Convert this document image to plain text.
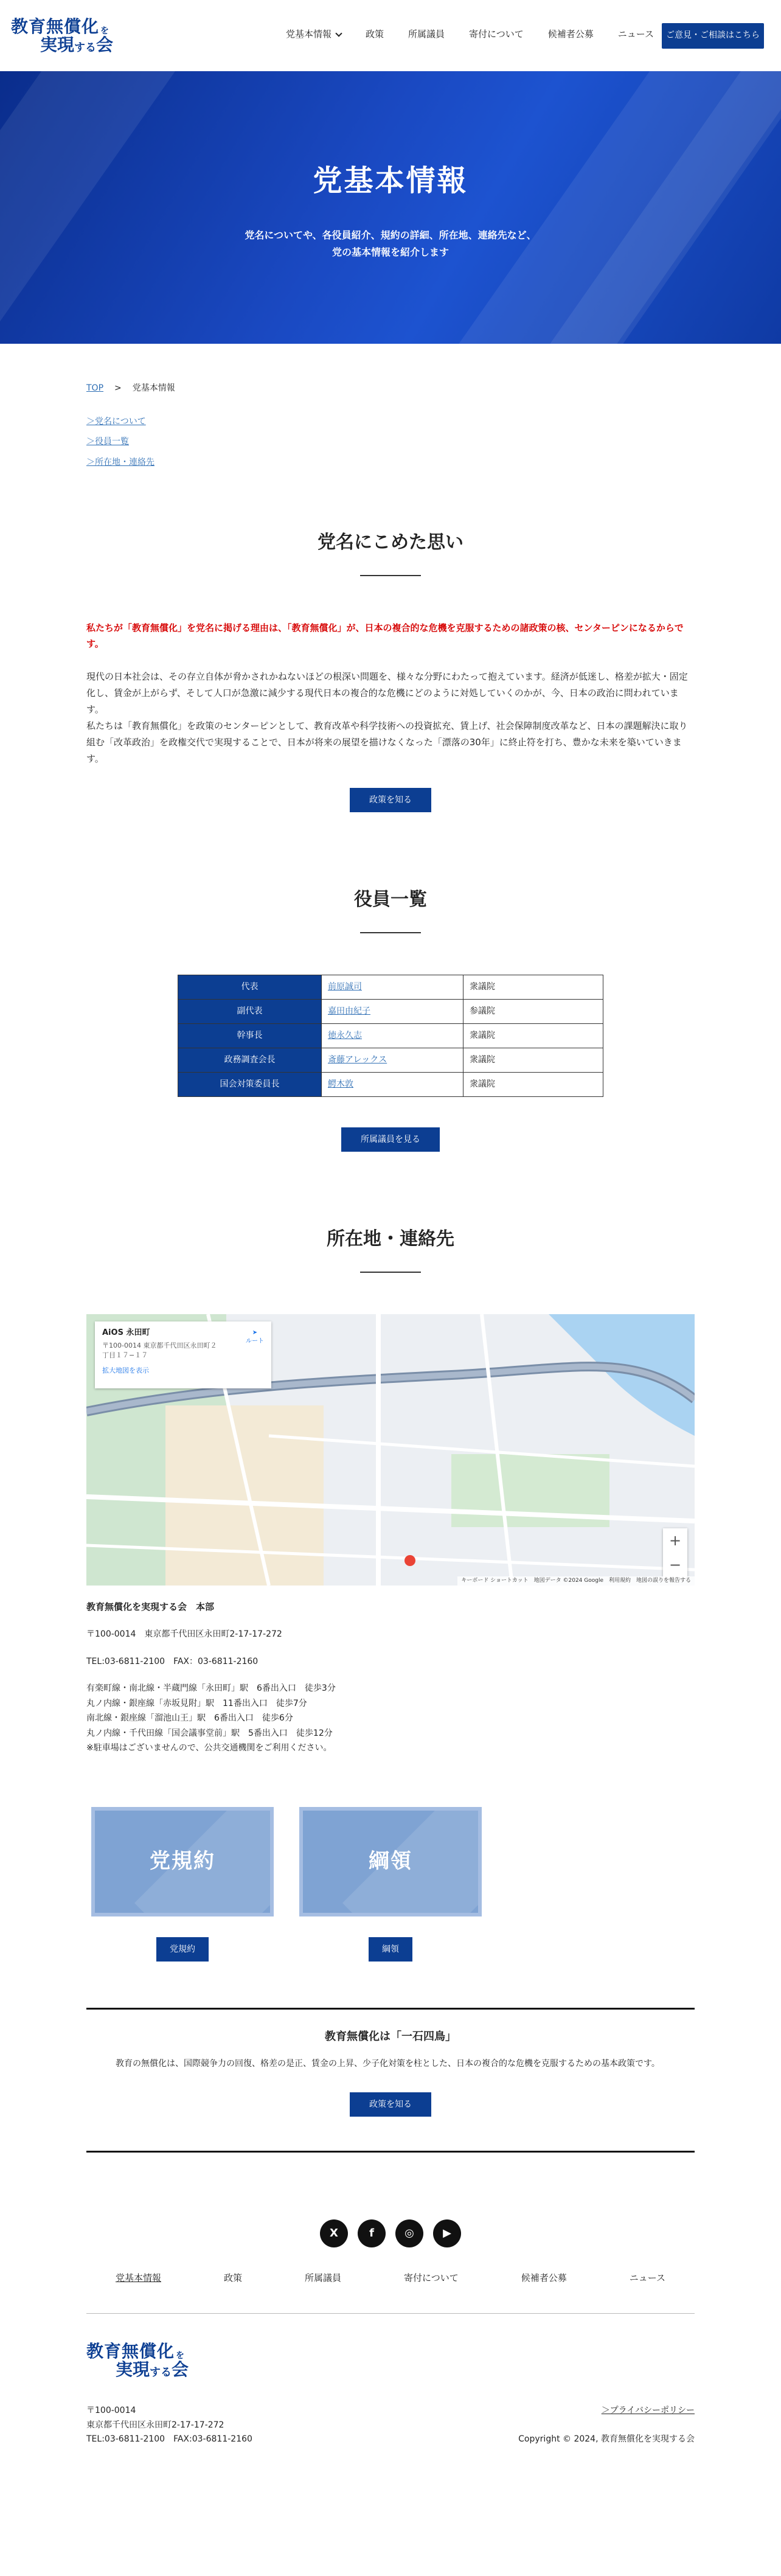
教育無償化 を
実現 する 会
党基本情報	政策	所属議員	寄付について	候補者公募	ニュース	ご意見・ご相談はこちら
党基本情報

党名についてや、各役員紹介、規約の詳細、所在地、連絡先など、
党の基本情報を紹介します

TOP > 党基本情報
＞党名について
＞役員一覧
＞所在地・連絡先
党名にこめた思い

私たちが「教育無償化」を党名に掲げる理由は、「教育無償化」が、日本の複合的な危機を克服するための諸政策の核、センターピンになるからです。

現代の日本社会は、その存立自体が脅かされかねないほどの根深い問題を、様々な分野にわたって抱えています。経済が低迷し、格差が拡大・固定化し、賃金が上がらず、そして人口が急激に減少する現代日本の複合的な危機にどのように対処していくのかが、今、日本の政治に問われています。
私たちは「教育無償化」を政策のセンターピンとして、教育改革や科学技術への投資拡充、賃上げ、社会保障制度改革など、日本の課題解決に取り組む「改革政治」を政権交代で実現することで、日本が将来の展望を描けなくなった「漂落の30年」に終止符を打ち、豊かな未来を築いていきます。

政策を知る
役員一覧
代表	前原誠司	衆議院
副代表	嘉田由紀子	参議院
幹事長	徳永久志	衆議院
政務調査会長	斎藤アレックス	衆議院
国会対策委員長	鰐木敦	衆議院
所属議員を見る
所在地・連絡先
AiOS 永田町
〒100-0014 東京都千代田区永田町２丁目１７−１７
拡大地図を表示
➤
ルート
+
−
キーボード ショートカット　地図データ ©2024 Google　利用規約　地図の誤りを報告する

教育無償化を実現する会　本部

〒100-0014　東京都千代田区永田町2-17-17-272

TEL:03-6811-2100　FAX：03-6811-2160

有楽町線・南北線・半蔵門線「永田町」駅　6番出入口　徒歩3分

丸ノ内線・銀座線「赤坂見附」駅　11番出入口　徒歩7分

南北線・銀座線「溜池山王」駅　6番出入口　徒歩6分

丸ノ内線・千代田線「国会議事堂前」駅　5番出入口　徒歩12分

※駐車場はございませんので、公共交通機関をご利用ください。

党規約
党規約
綱領
綱領
教育無償化は「一石四鳥」

教育の無償化は、国際競争力の回復、格差の是正、賃金の上昇、少子化対策を柱とした、日本の複合的な危機を克服するための基本政策です。

政策を知る
X	f	◎	▶
党基本情報	政策	所属議員	寄付について	候補者公募	ニュース
教育無償化 を
実現 する 会

〒100-0014

東京都千代田区永田町2-17-17-272

TEL:03-6811-2100　FAX:03-6811-2160

＞プライバシーポリシー

Copyright © 2024, 教育無償化を実現する会
